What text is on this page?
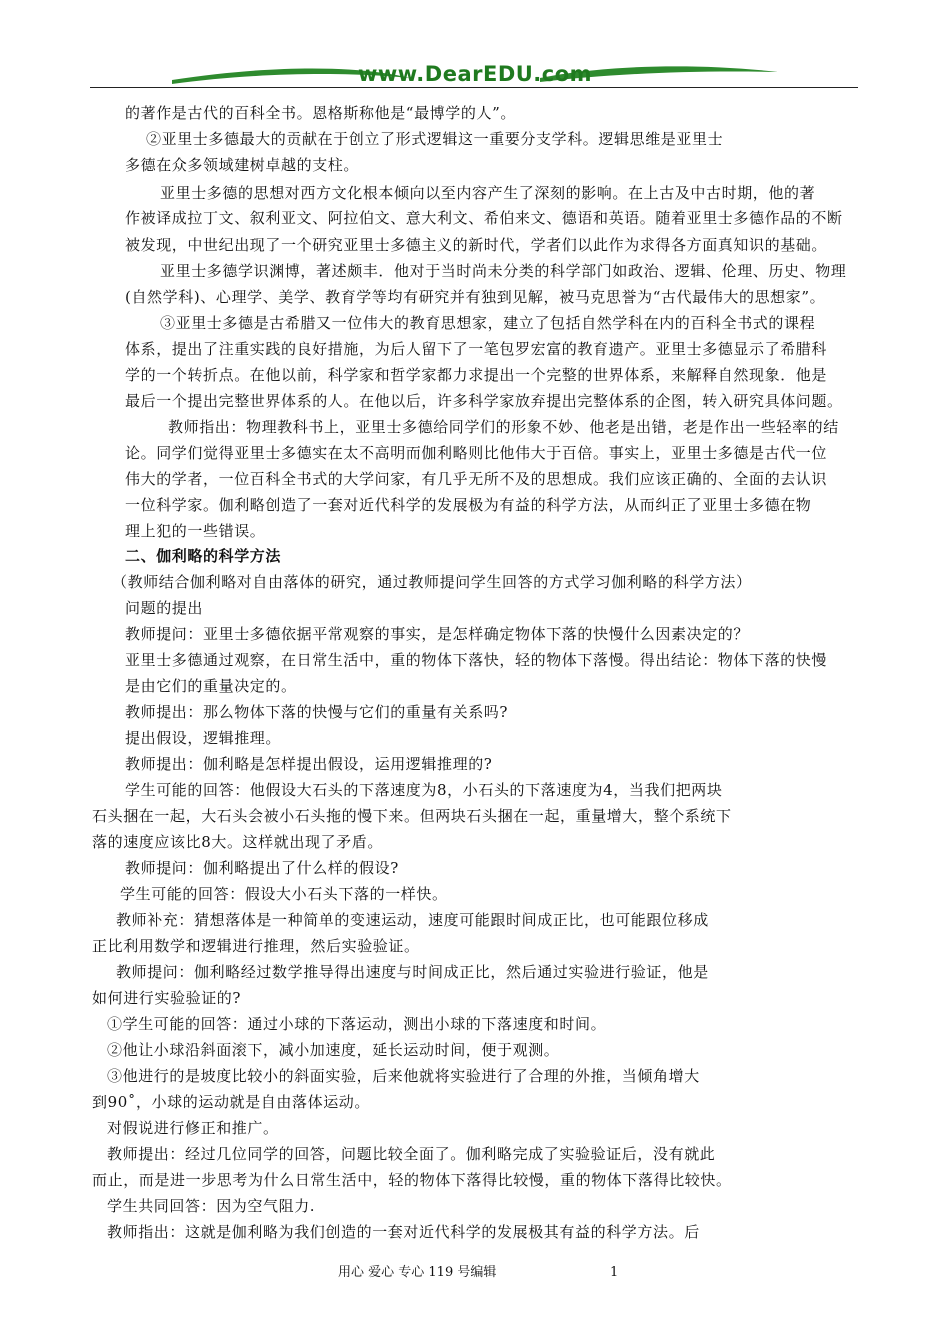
www.DearEDU.com
的著作是古代的百科全书。恩格斯称他是“最博学的人”。
②亚里士多德最大的贡献在于创立了形式逻辑这一重要分支学科。逻辑思维是亚里士
多德在众多领域建树卓越的支柱。
亚里士多德的思想对西方文化根本倾向以至内容产生了深刻的影响。在上古及中古时期，他的著
作被译成拉丁文、叙利亚文、阿拉伯文、意大利文、希伯来文、德语和英语。随着亚里士多德作品的不断
被发现，中世纪出现了一个研究亚里士多德主义的新时代，学者们以此作为求得各方面真知识的基础。
亚里士多德学识渊博，著述颇丰．他对于当时尚未分类的科学部门如政治、逻辑、伦理、历史、物理
(自然学科)、心理学、美学、教育学等均有研究并有独到见解，被马克思誉为“古代最伟大的思想家”。
③亚里士多德是古希腊又一位伟大的教育思想家，建立了包括自然学科在内的百科全书式的课程
体系，提出了注重实践的良好措施，为后人留下了一笔包罗宏富的教育遗产。亚里士多德显示了希腊科
学的一个转折点。在他以前，科学家和哲学家都力求提出一个完整的世界体系，来解释自然现象．他是
最后一个提出完整世界体系的人。在他以后，许多科学家放弃提出完整体系的企图，转入研究具体问题。
教师指出：物理教科书上，亚里士多德给同学们的形象不妙、他老是出错，老是作出一些轻率的结
论。同学们觉得亚里士多德实在太不高明而伽利略则比他伟大于百倍。事实上，亚里士多德是古代一位
伟大的学者，一位百科全书式的大学问家，有几乎无所不及的思想成。我们应该正确的、全面的去认识
一位科学家。伽利略创造了一套对近代科学的发展极为有益的科学方法，从而纠正了亚里士多德在物
理上犯的一些错误。
二、伽利略的科学方法
（教师结合伽利略对自由落体的研究，通过教师提问学生回答的方式学习伽利略的科学方法）
问题的提出
教师提问：亚里士多德依据平常观察的事实，是怎样确定物体下落的快慢什么因素决定的？
亚里士多德通过观察，在日常生活中，重的物体下落快，轻的物体下落慢。得出结论：物体下落的快慢
是由它们的重量决定的。
教师提出：那么物体下落的快慢与它们的重量有关系吗?
提出假设，逻辑推理。
教师提出：伽利略是怎样提出假设，运用逻辑推理的?
学生可能的回答：他假设大石头的下落速度为8，小石头的下落速度为4，当我们把两块
石头捆在一起，大石头会被小石头拖的慢下来。但两块石头捆在一起，重量增大，整个系统下
落的速度应该比8大。这样就出现了矛盾。
教师提问：伽利略提出了什么样的假设?
学生可能的回答：假设大小石头下落的一样快。
教师补充：猜想落体是一种简单的变速运动，速度可能跟时间成正比，也可能跟位移成
正比利用数学和逻辑进行推理，然后实验验证。
教师提问：伽利略经过数学推导得出速度与时间成正比，然后通过实验进行验证，他是
如何进行实验验证的?
①学生可能的回答：通过小球的下落运动，测出小球的下落速度和时间。
②他让小球沿斜面滚下，减小加速度，延长运动时间，便于观测。
③他进行的是坡度比较小的斜面实验，后来他就将实验进行了合理的外推，当倾角增大
到90˚，小球的运动就是自由落体运动。
对假说进行修正和推广。
教师提出：经过几位同学的回答，问题比较全面了。伽利略完成了实验验证后，没有就此
而止，而是进一步思考为什么日常生活中，轻的物体下落得比较慢，重的物体下落得比较快。
学生共同回答：因为空气阻力.
教师指出：这就是伽利略为我们创造的一套对近代科学的发展极其有益的科学方法。后
用心 爱心 专心 119 号编辑	1
